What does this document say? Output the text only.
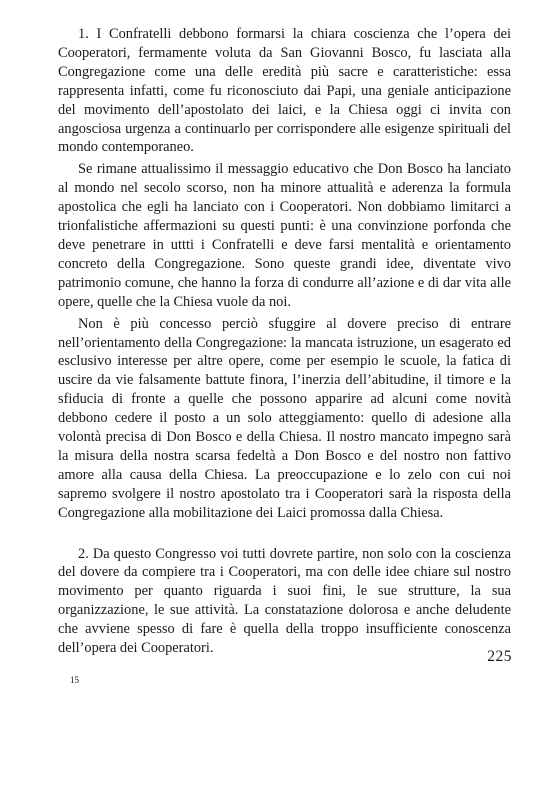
1. I Confratelli debbono formarsi la chiara coscienza che l’opera dei Cooperatori, fermamente voluta da San Giovanni Bosco, fu lasciata alla Congregazione come una delle eredità più sacre e caratteristiche: essa rappresenta infatti, come fu riconosciuto dai Papi, una geniale anticipazione del movimento dell’apostolato dei laici, e la Chiesa oggi ci invita con angosciosa urgenza a continuarlo per corrispondere alle esigenze spirituali del mondo contemporaneo.

Se rimane attualissimo il messaggio educativo che Don Bosco ha lanciato al mondo nel secolo scorso, non ha minore attualità e aderenza la formula apostolica che egli ha lanciato con i Cooperatori. Non dobbiamo limitarci a trionfalistiche affermazioni su questi punti: è una convinzione porfonda che deve penetrare in uttti i Confratelli e deve farsi mentalità e orientamento concreto della Congregazione. Sono queste grandi idee, diventate vivo patrimonio comune, che hanno la forza di condurre all’azione e di dar vita alle opere, quelle che la Chiesa vuole da noi.

Non è più concesso perciò sfuggire al dovere preciso di entrare nell’orientamento della Congregazione: la mancata istruzione, un esagerato ed esclusivo interesse per altre opere, come per esempio le scuole, la fatica di uscire da vie falsamente battute finora, l’inerzia dell’abitudine, il timore e la sfiducia di fronte a quelle che possono apparire ad alcuni come novità debbono cedere il posto a un solo atteggiamento: quello di adesione alla volontà precisa di Don Bosco e della Chiesa. Il nostro mancato impegno sarà la misura della nostra scarsa fedeltà a Don Bosco e del nostro non fattivo amore alla causa della Chiesa. La preoccupazione e lo zelo con cui noi sapremo svolgere il nostro apostolato tra i Cooperatori sarà la risposta della Congregazione alla mobilitazione dei Laici promossa dalla Chiesa.

2. Da questo Congresso voi tutti dovrete partire, non solo con la coscienza del dovere da compiere tra i Cooperatori, ma con delle idee chiare sul nostro movimento per quanto riguarda i suoi fini, le sue strutture, la sua organizzazione, le sue attività. La constatazione dolorosa e anche deludente che avviene spesso di fare è quella della troppo insufficiente conoscenza dell’opera dei Cooperatori.	225
15
